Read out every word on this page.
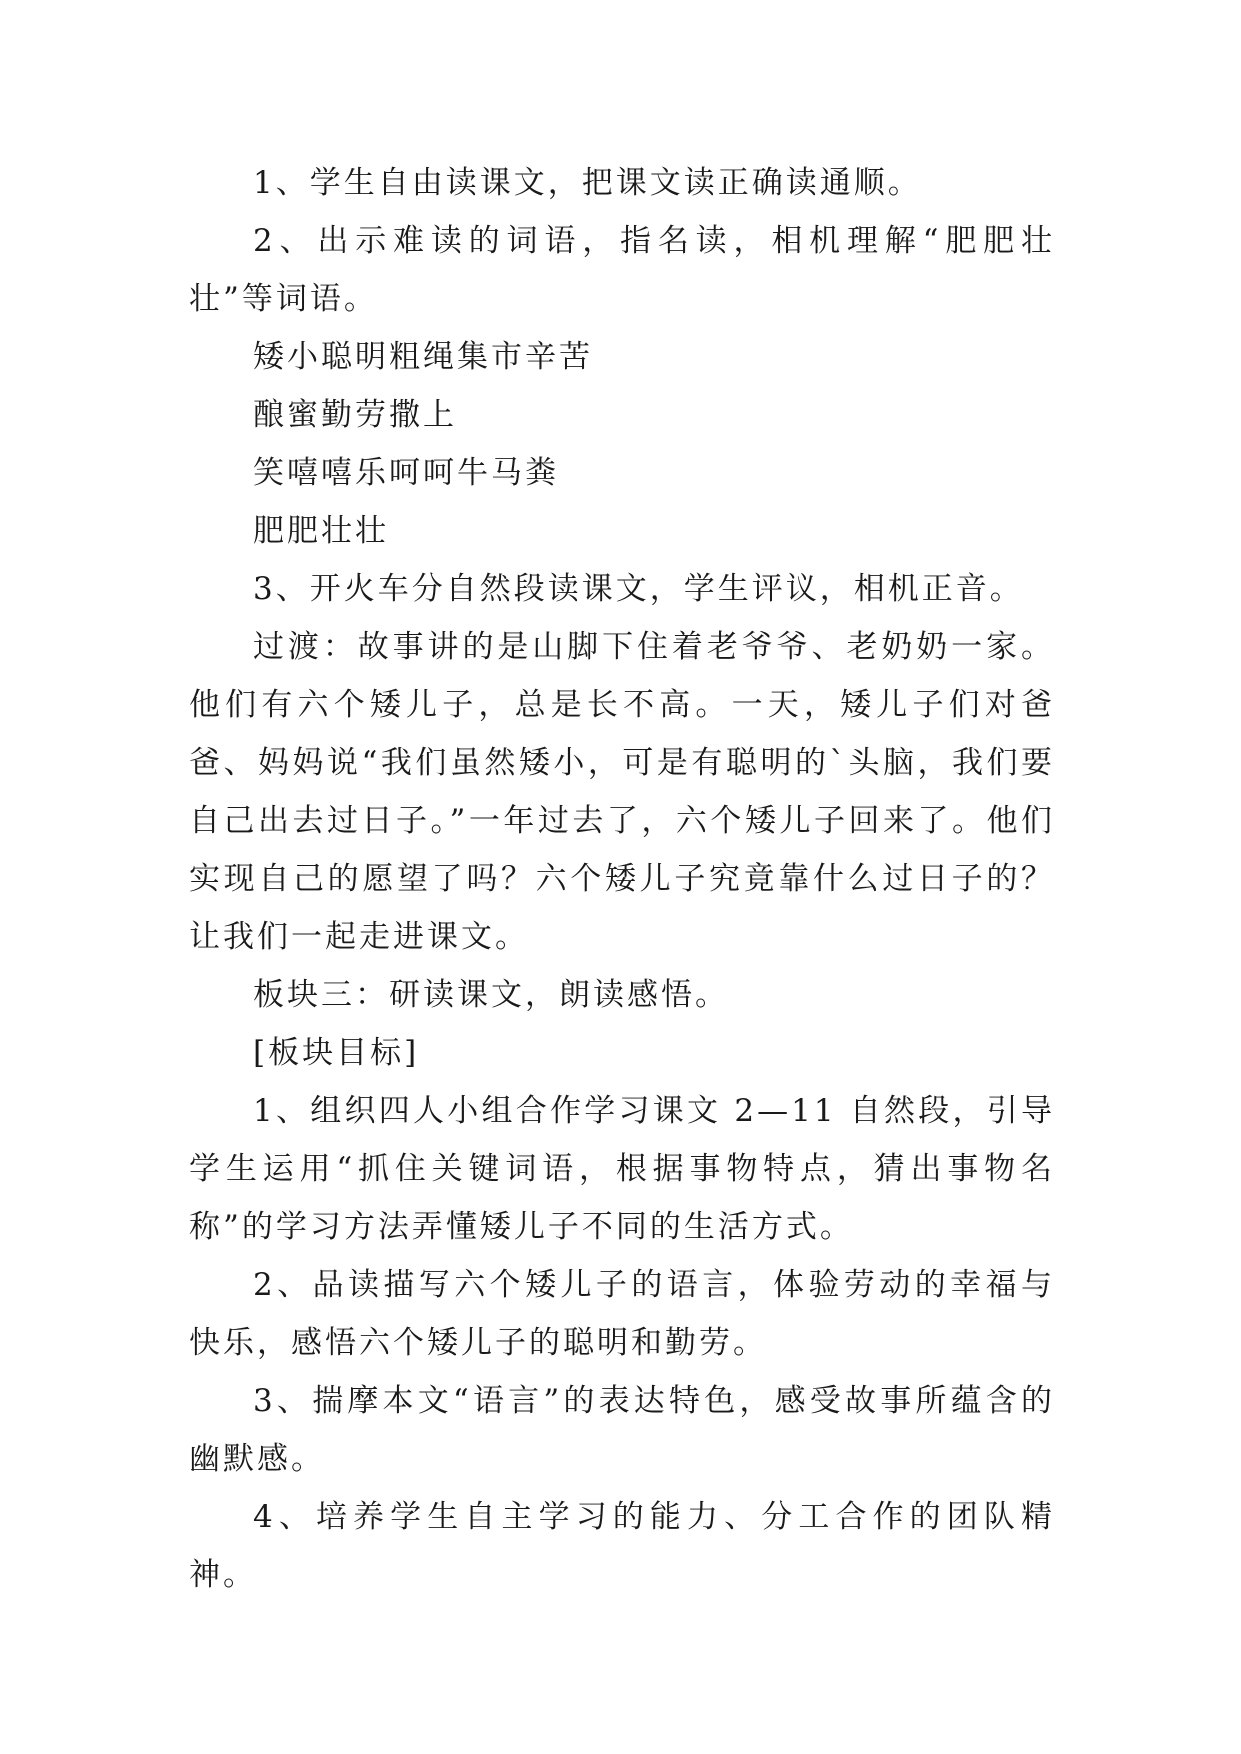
1、学生自由读课文，把课文读正确读通顺。

2、出示难读的词语，指名读，相机理解“肥肥壮壮”等词语。

矮小聪明粗绳集市辛苦

酿蜜勤劳撒上

笑嘻嘻乐呵呵牛马粪

肥肥壮壮

3、开火车分自然段读课文，学生评议，相机正音。

过渡：故事讲的是山脚下住着老爷爷、老奶奶一家。他们有六个矮儿子，总是长不高。一天，矮儿子们对爸爸、妈妈说“我们虽然矮小，可是有聪明的`头脑，我们要自己出去过日子。”一年过去了，六个矮儿子回来了。他们实现自己的愿望了吗？六个矮儿子究竟靠什么过日子的？让我们一起走进课文。

板块三：研读课文，朗读感悟。

[板块目标]

1、组织四人小组合作学习课文 2—11 自然段，引导学生运用“抓住关键词语，根据事物特点，猜出事物名称”的学习方法弄懂矮儿子不同的生活方式。

2、品读描写六个矮儿子的语言，体验劳动的幸福与快乐，感悟六个矮儿子的聪明和勤劳。

3、揣摩本文“语言”的表达特色，感受故事所蕴含的幽默感。

4、培养学生自主学习的能力、分工合作的团队精神。
